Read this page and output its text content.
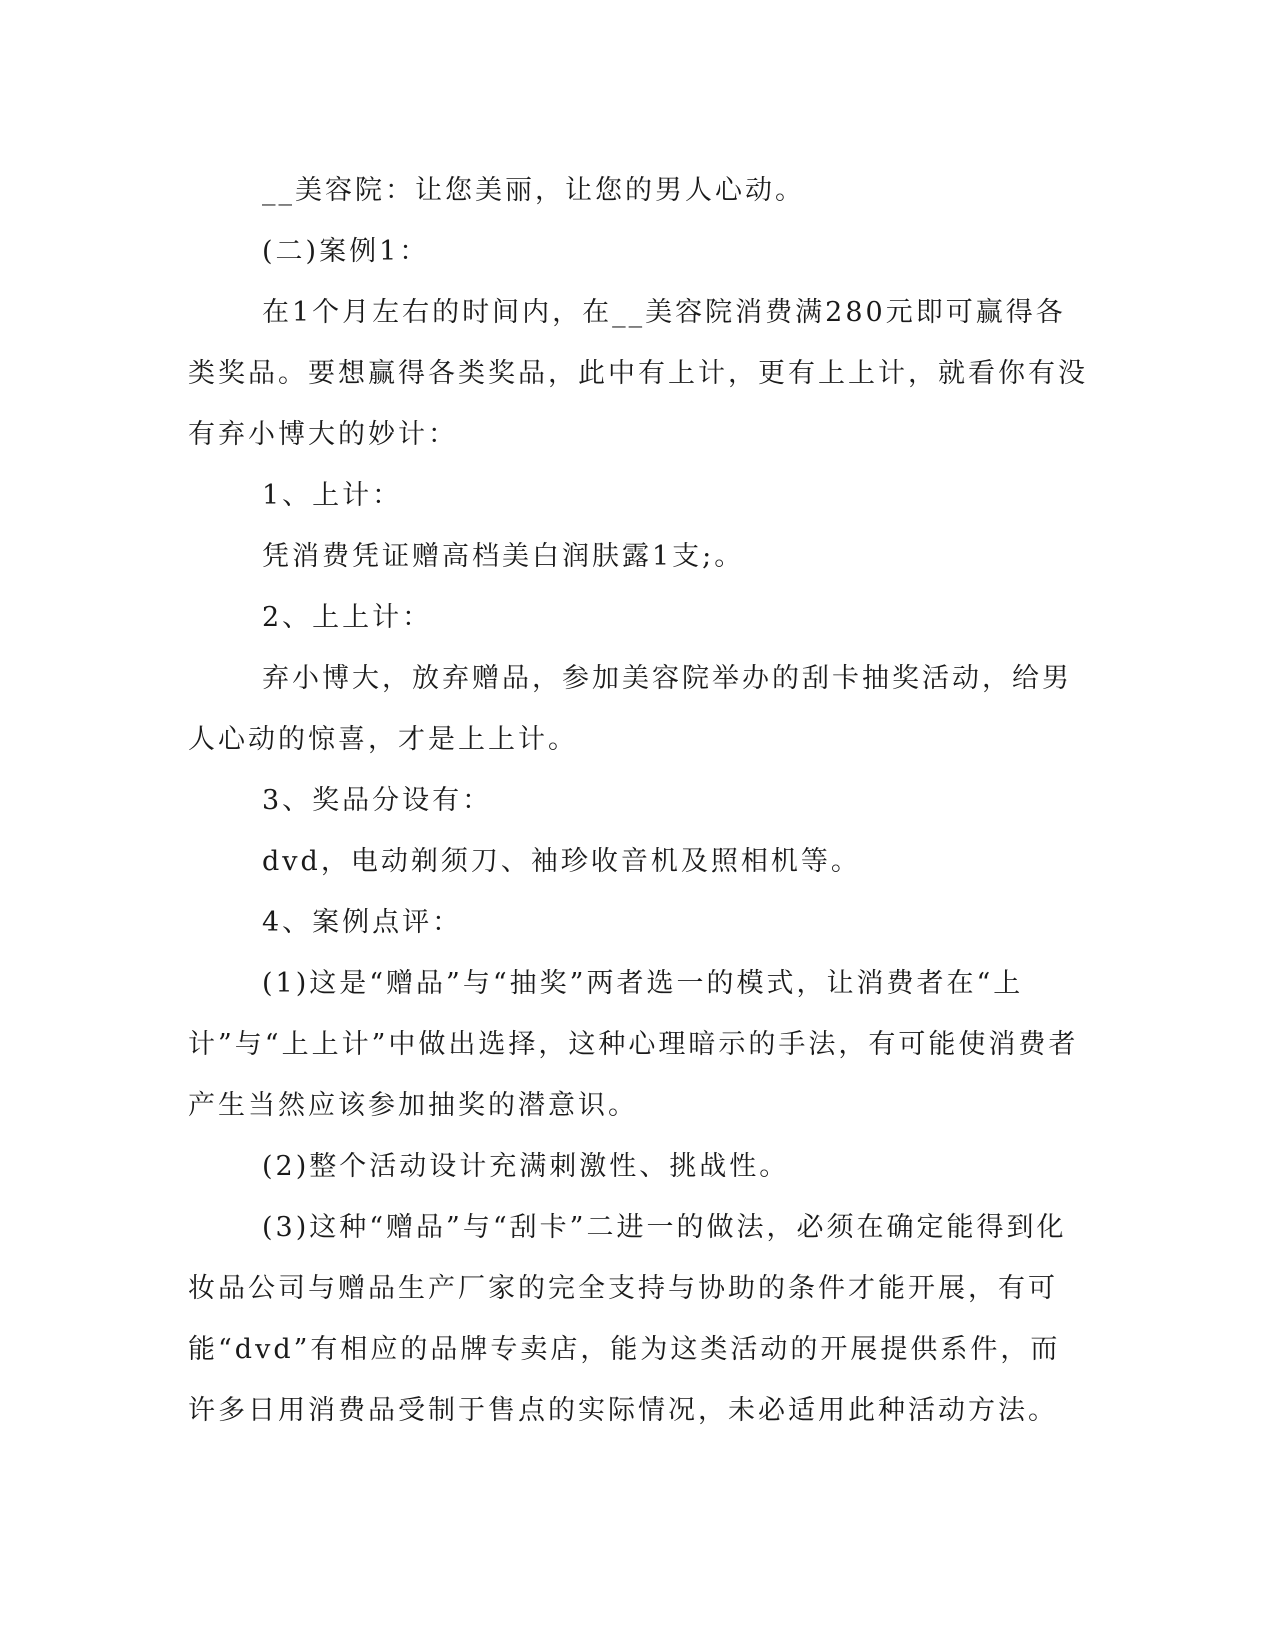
__美容院：让您美丽，让您的男人心动。

(二)案例1：

在1个月左右的时间内，在__美容院消费满280元即可赢得各类奖品。要想赢得各类奖品，此中有上计，更有上上计，就看你有没有弃小博大的妙计：

1、上计：

凭消费凭证赠高档美白润肤露1支;。

2、上上计：

弃小博大，放弃赠品，参加美容院举办的刮卡抽奖活动，给男人心动的惊喜，才是上上计。

3、奖品分设有：

dvd，电动剃须刀、袖珍收音机及照相机等。

4、案例点评：

(1)这是“赠品”与“抽奖”两者选一的模式，让消费者在“上计”与“上上计”中做出选择，这种心理暗示的手法，有可能使消费者产生当然应该参加抽奖的潜意识。

(2)整个活动设计充满刺激性、挑战性。

(3)这种“赠品”与“刮卡”二进一的做法，必须在确定能得到化妆品公司与赠品生产厂家的完全支持与协助的条件才能开展，有可能“dvd”有相应的品牌专卖店，能为这类活动的开展提供系件，而许多日用消费品受制于售点的实际情况，未必适用此种活动方法。
